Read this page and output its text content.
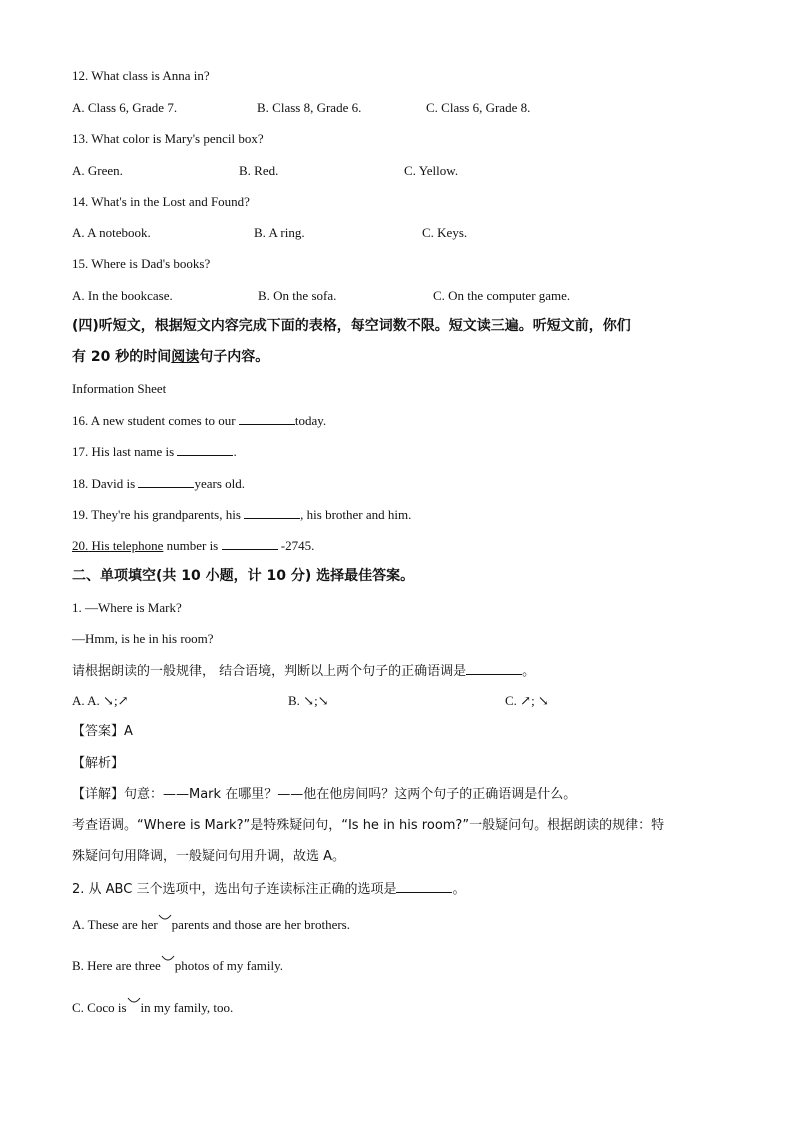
12. What class is Anna in?
A. Class 6, Grade 7.	B. Class 8, Grade 6.	C. Class 6, Grade 8.
13. What color is Mary's pencil box?
A. Green.	B. Red.	C. Yellow.
14. What's in the Lost and Found?
A. A notebook.	B. A ring.	C. Keys.
15. Where is Dad's books?
A. In the bookcase.	B. On the sofa.	C. On the computer game.
(四)听短文，根据短文内容完成下面的表格，每空词数不限。短文读三遍。听短文前，你们
有 20 秒的时间阅读句子内容。
Information Sheet
16. A new student comes to our	today.
17. His last name is	.
18. David is	years old.
19. They're his grandparents, his	, his brother and him.
20. His telephone number is	-2745.
二、单项填空(共 10 小题，计 10 分) 选择最佳答案。
1. —Where is Mark?
—Hmm, is he in his room?
请根据朗读的一般规律， 结合语境，判断以上两个句子的正确语调是	。
A. A. ↘;↗	B. ↘;↘	C. ↗; ↘
【答案】A
【解析】
【详解】句意：——Mark 在哪里？——他在他房间吗？这两个句子的正确语调是什么。
考查语调。“Where is Mark?”是特殊疑问句，“Is he in his room?”一般疑问句。根据朗读的规律：特
殊疑问句用降调，一般疑问句用升调，故选 A。
2. 从 ABC 三个选项中，选出句子连读标注正确的选项是	。
A. These are her parents and those are her brothers.
B. Here are three photos of my family.
C. Coco is in my family, too.
